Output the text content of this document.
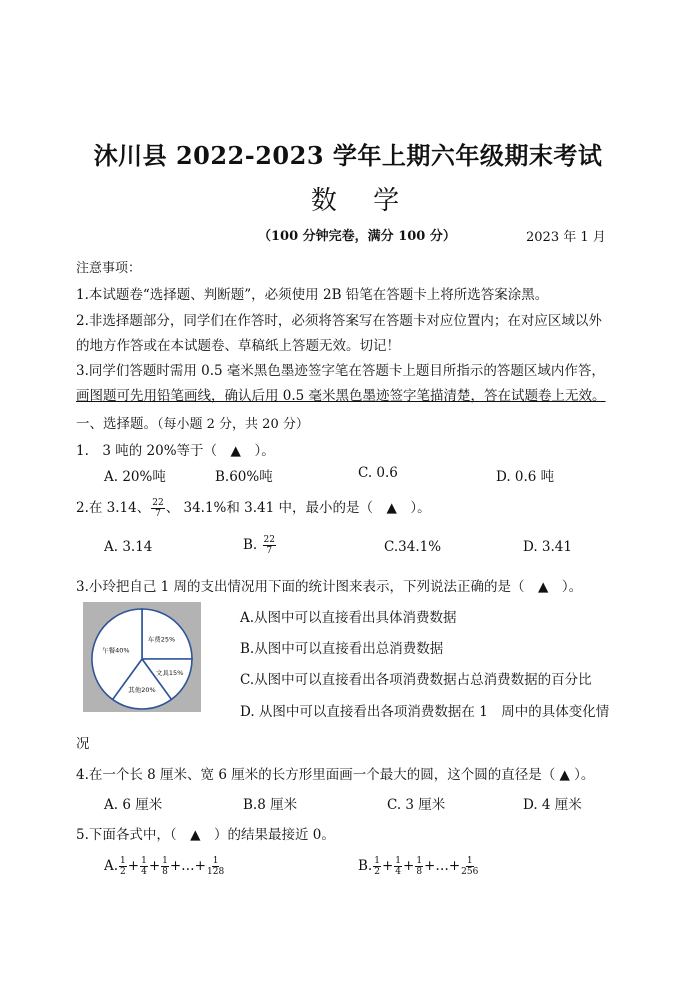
沐川县 2022-2023 学年上期六年级期末考试
数 学
（100 分钟完卷，满分 100 分）	2023 年 1 月
注意事项：
1.本试题卷“选择题、判断题”，必须使用 2B 铅笔在答题卡上将所选答案涂黑。
2.非选择题部分，同学们在作答时，必须将答案写在答题卡对应位置内；在对应区域以外
的地方作答或在本试题卷、草稿纸上答题无效。切记！
3.同学们答题时需用 0.5 毫米黑色墨迹签字笔在答题卡上题目所指示的答题区域内作答，
画图题可先用铅笔画线，确认后用 0.5 毫米黑色墨迹签字笔描清楚，答在试题卷上无效。
一、选择题。（每小题 2 分，共 20 分）
1.　3 吨的 20%等于（　▲　）。
A. 20%吨	B.60%吨	C. 0.6	D. 0.6 吨
2.在 3.14、 $\frac{22}{7}$ 、 34.1%和 3.41 中，最小的是（　▲　）。
A. 3.14	B. $\frac{22}{7}$	C.34.1%	D. 3.41
3.小玲把自己 1 周的支出情况用下面的统计图来表示，下列说法正确的是（　▲　）。
车费25%
文具15%
其他20%
午餐40%
A.从图中可以直接看出具体消费数据
B.从图中可以直接看出总消费数据
C.从图中可以直接看出各项消费数据占总消费数据的百分比
D. 从图中可以直接看出各项消费数据在 1　周中的具体变化情
况
4.在一个长 8 厘米、宽 6 厘米的长方形里面画一个最大的圆，这个圆的直径是（ ▲ ）。
A. 6 厘米	B.8 厘米	C. 3 厘米	D. 4 厘米
5.下面各式中，（　▲　）的结果最接近 0。
A. $\frac{1}{2} + \frac{1}{4} + \frac{1}{8}$ +…+ $\frac{1}{128}$	B. $\frac{1}{2} + \frac{1}{4} + \frac{1}{8}$ +…+ $\frac{1}{256}$
